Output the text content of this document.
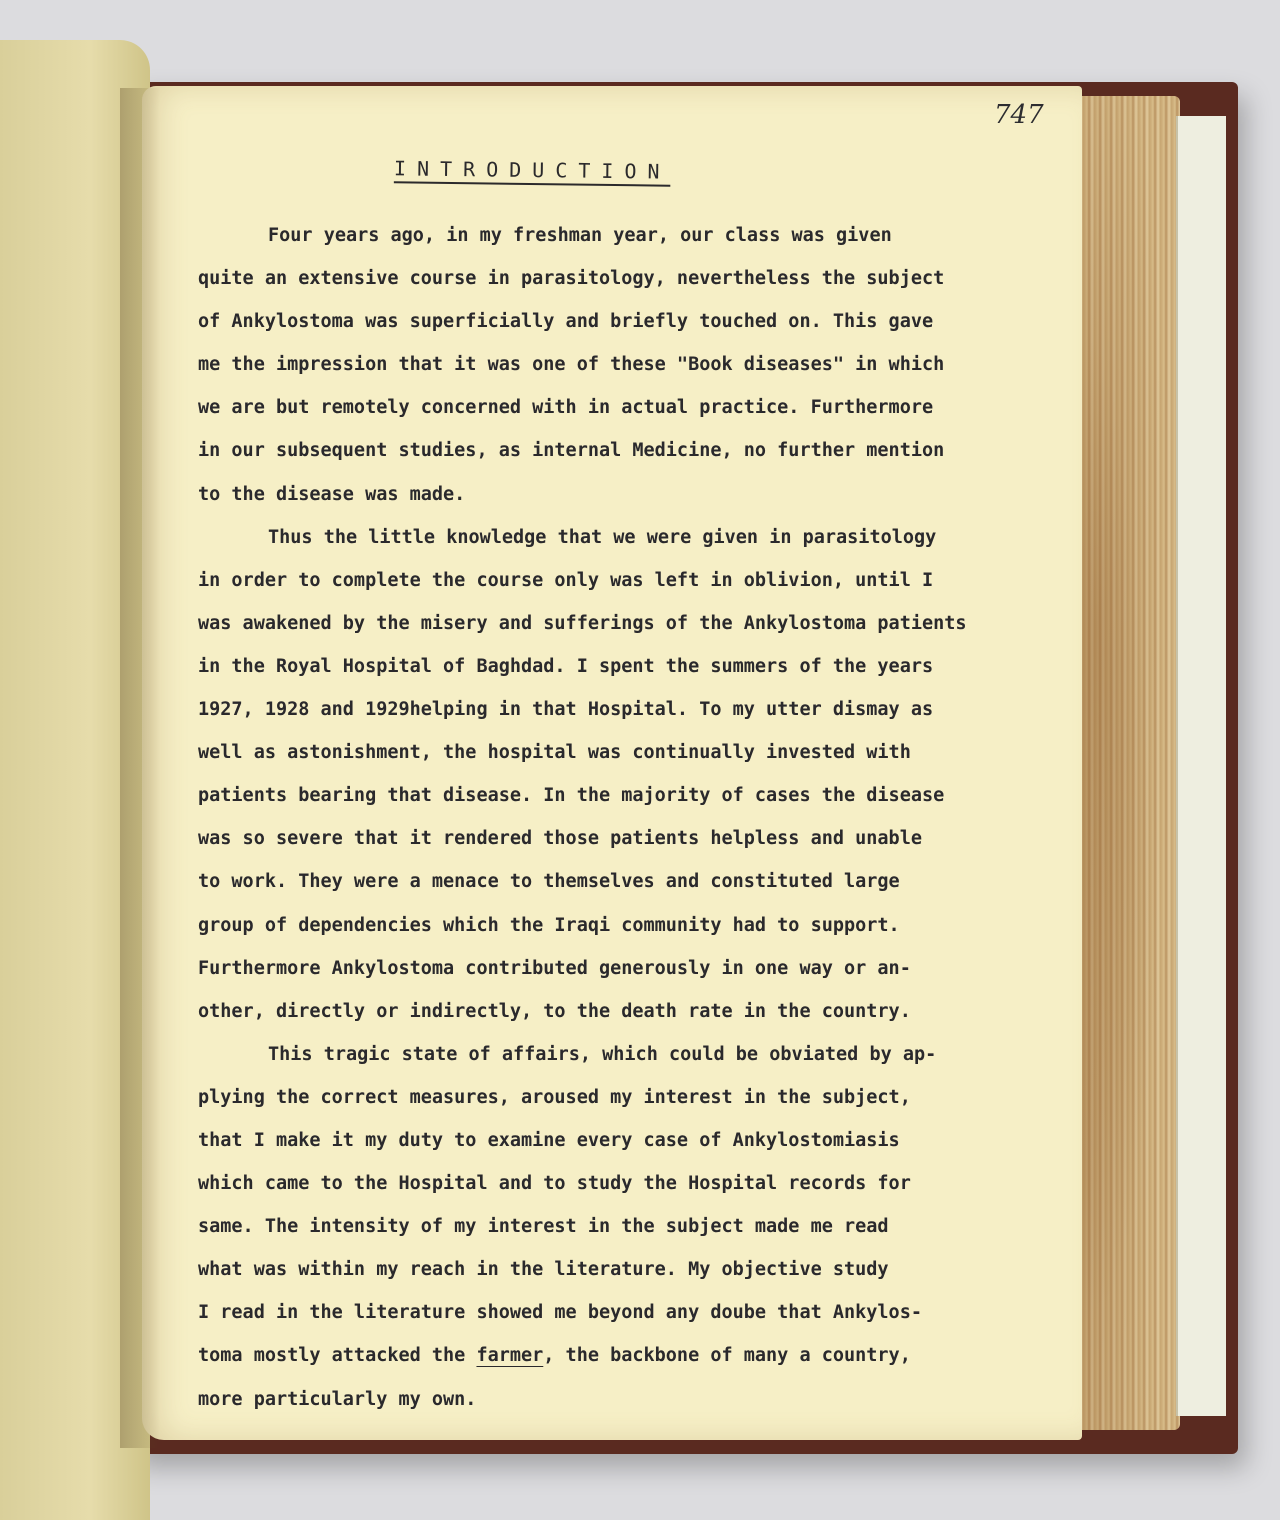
747
INTRODUCTION
Four years ago, in my freshman year, our class was given
quite an extensive course in parasitology, nevertheless the subject
of Ankylostoma was superficially and briefly touched on. This gave
me the impression that it was one of these "Book diseases" in which
we are but remotely concerned with in actual practice. Furthermore
in our subsequent studies, as internal Medicine, no further mention
to the disease was made.
Thus the little knowledge that we were given in parasitology
in order to complete the course only was left in oblivion, until I
was awakened by the misery and sufferings of the Ankylostoma patients
in the Royal Hospital of Baghdad. I spent the summers of the years
1927, 1928 and 1929helping in that Hospital. To my utter dismay as
well as astonishment, the hospital was continually invested with
patients bearing that disease. In the majority of cases the disease
was so severe that it rendered those patients helpless and unable
to work. They were a menace to themselves and constituted large
group of dependencies which the Iraqi community had to support.
Furthermore Ankylostoma contributed generously in one way or an-
other, directly or indirectly, to the death rate in the country.
This tragic state of affairs, which could be obviated by ap-
plying the correct measures, aroused my interest in the subject,
that I make it my duty to examine every case of Ankylostomiasis
which came to the Hospital and to study the Hospital records for
same. The intensity of my interest in the subject made me read
what was within my reach in the literature. My objective study
I read in the literature showed me beyond any doube that Ankylos-
toma mostly attacked the farmer, the backbone of many a country,
more particularly my own.
